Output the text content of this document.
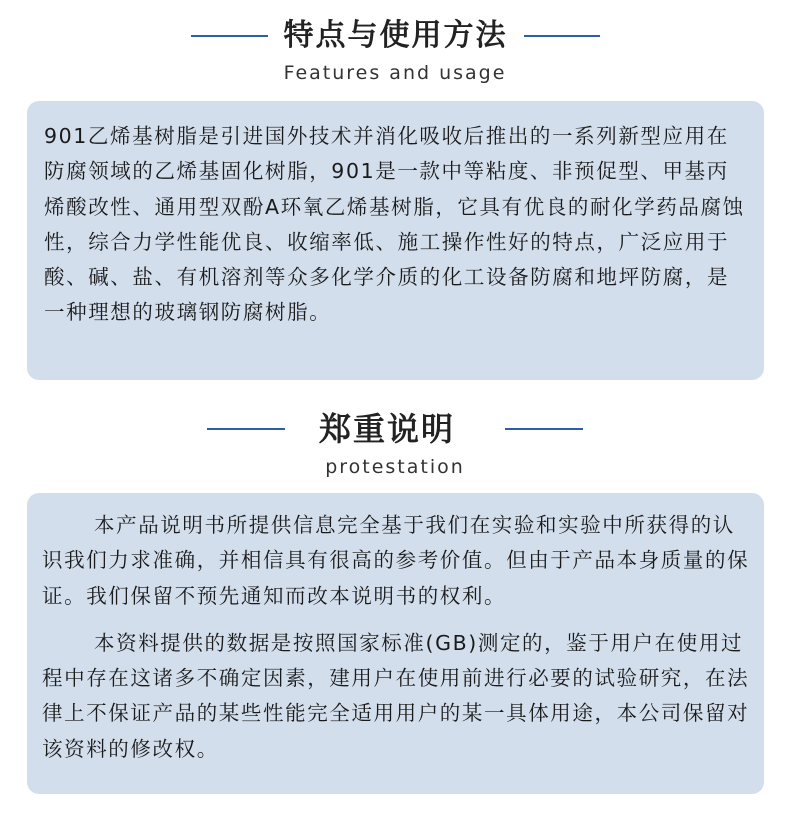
特点与使用方法
Features and usage

901乙烯基树脂是引进国外技术并消化吸收后推出的一系列新型应用在防腐领域的乙烯基固化树脂，901是一款中等粘度、非预促型、甲基丙烯酸改性、通用型双酚A环氧乙烯基树脂，它具有优良的耐化学药品腐蚀性，综合力学性能优良、收缩率低、施工操作性好的特点，广泛应用于酸、碱、盐、有机溶剂等众多化学介质的化工设备防腐和地坪防腐，是一种理想的玻璃钢防腐树脂。

郑重说明
protestation

本产品说明书所提供信息完全基于我们在实验和实验中所获得的认识我们力求准确，并相信具有很高的参考价值。但由于产品本身质量的保证。我们保留不预先通知而改本说明书的权利。

本资料提供的数据是按照国家标准(GB)测定的，鉴于用户在使用过程中存在这诸多不确定因素，建用户在使用前进行必要的试验研究，在法律上不保证产品的某些性能完全适用用户的某一具体用途，本公司保留对该资料的修改权。
